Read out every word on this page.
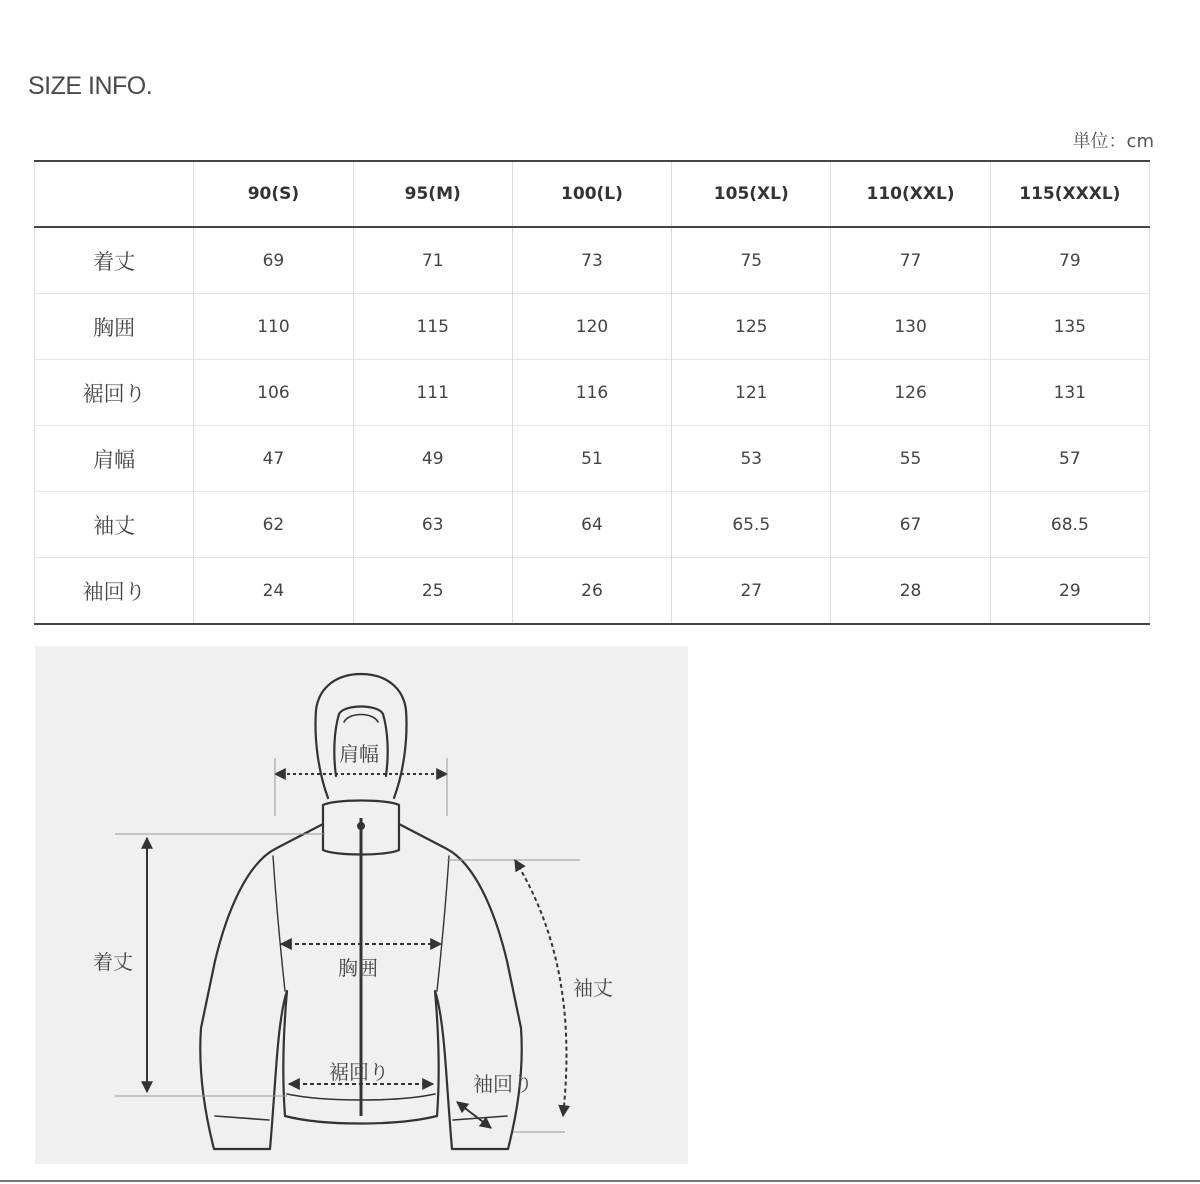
SIZE INFO.
単位：cm
	90(S)	95(M)	100(L)	105(XL)	110(XXL)	115(XXXL)
着丈	69	71	73	75	77	79
胸囲	110	115	120	125	130	135
裾回り	106	111	116	121	126	131
肩幅	47	49	51	53	55	57
袖丈	62	63	64	65.5	67	68.5
袖回り	24	25	26	27	28	29
肩幅
着丈	胸囲
袖丈
裾回り	袖回り
